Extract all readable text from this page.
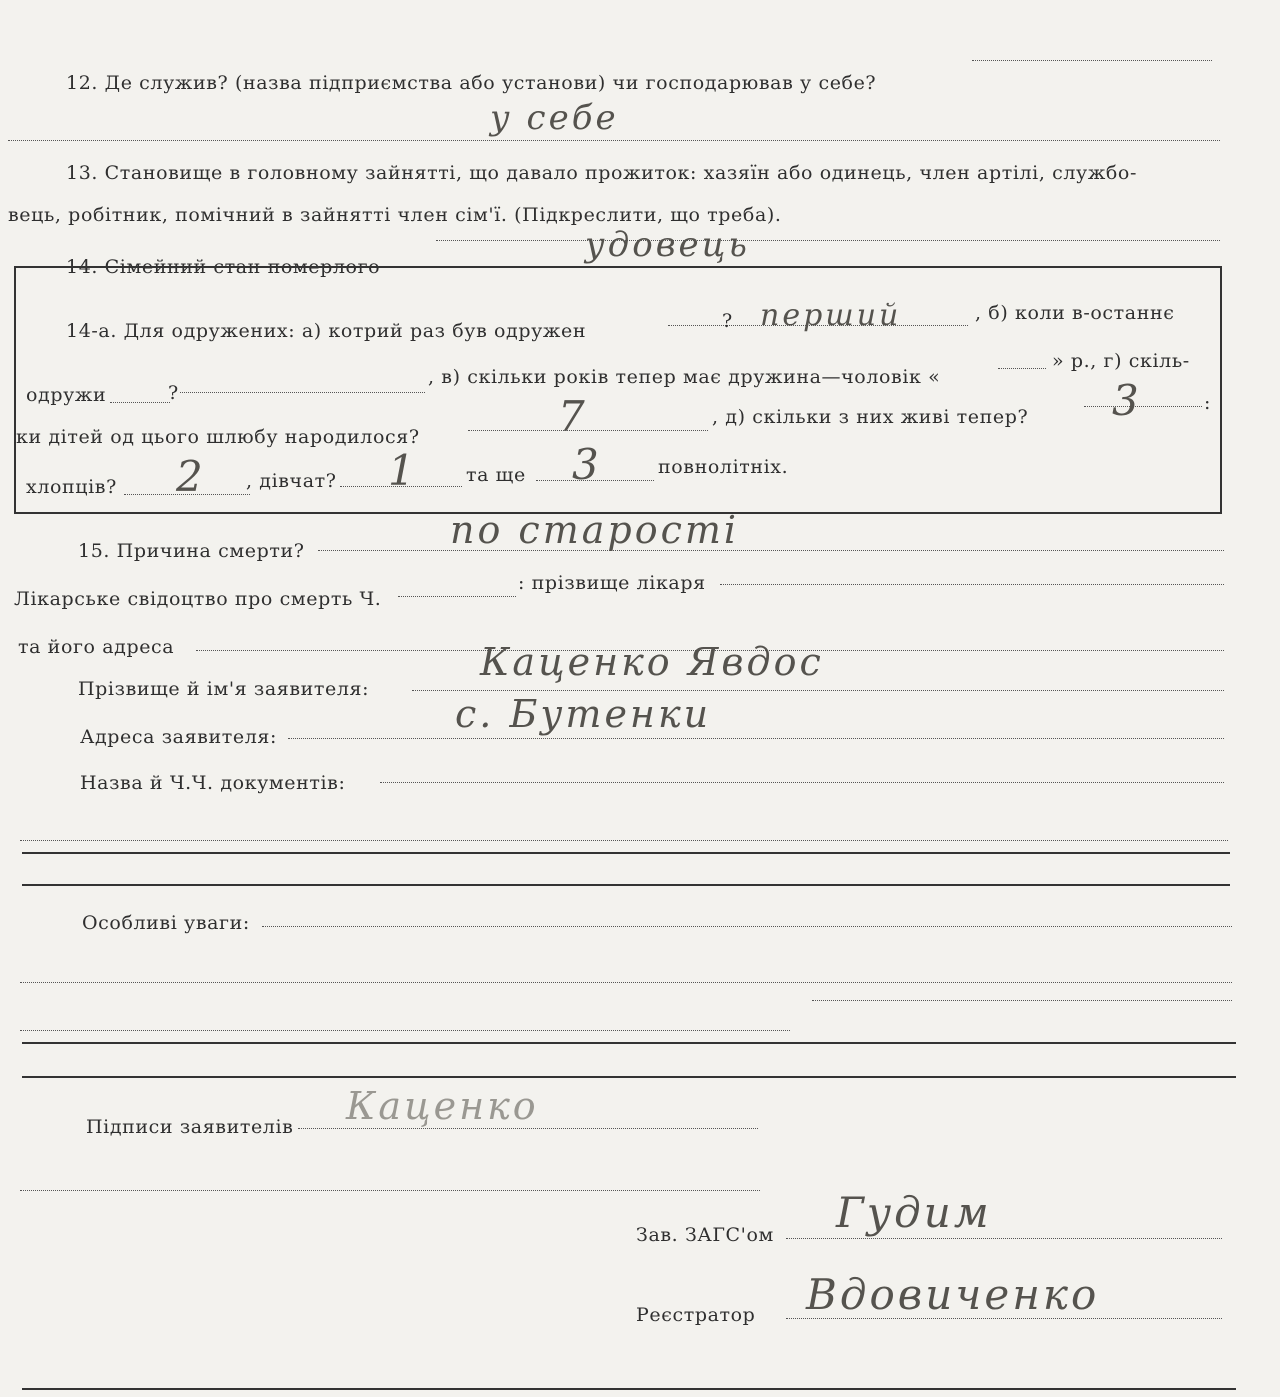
12. Де служив? (назва підприємства або установи) чи господарював у себе?
у себе
13. Становище в головному зайнятті, що давало прожиток: хазяїн або одинець, член артілі, службо-
вець, робітник, помічний в зайнятті член сім'ї. (Підкреслити, що треба).
14. Сімейний стан померлого
удовець
14-а. Для одружених: а) котрий раз був одружен	? перший	, б) коли в-останнє
одружи	?
, в) скільки років тепер має дружина—чоловік «
» р., г) скіль-
ки дітей од цього шлюбу народилося?	7	, д) скільки з них живі тепер? 3	:
хлопців? 2 , дівчат? 1	та ще 3	повнолітніх.
15. Причина смерти?	по старості
Лікарське свідоцтво про смерть Ч.
: прізвище лікаря
та його адреса
Прізвище й ім'я заявителя:
Каценко Явдос
Адреса заявителя:
с. Бутенки
Назва й Ч.Ч. документів:
Особливі уваги:
Підписи заявителів Каценко
Зав. ЗАГС'ом Гудим
Реєстратор Вдовиченко
